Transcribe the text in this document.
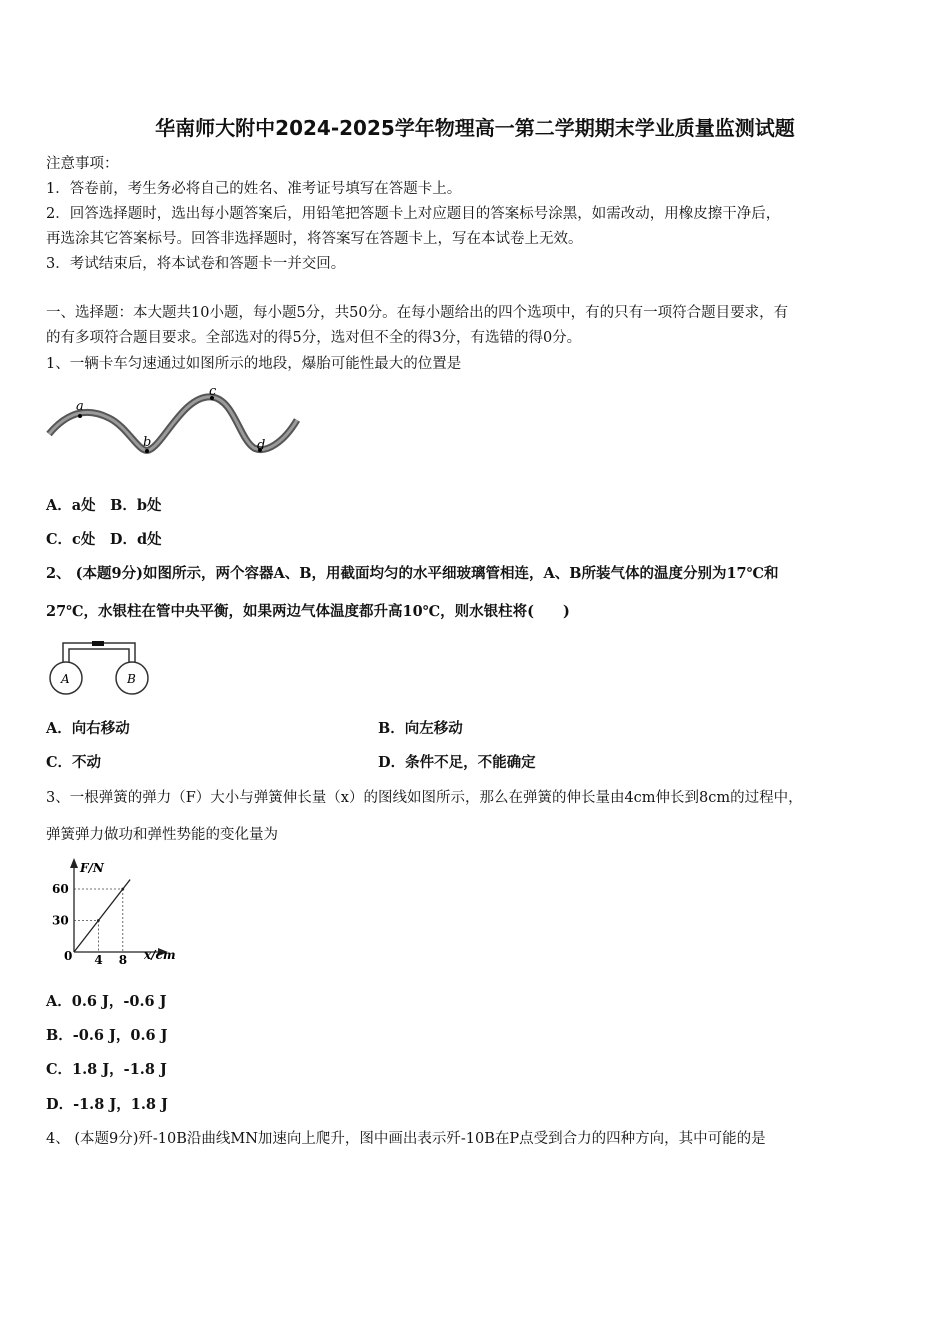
华南师大附中2024-2025学年物理高一第二学期期末学业质量监测试题
注意事项：
1．答卷前，考生务必将自己的姓名、准考证号填写在答题卡上。
2．回答选择题时，选出每小题答案后，用铅笔把答题卡上对应题目的答案标号涂黑，如需改动，用橡皮擦干净后，
再选涂其它答案标号。回答非选择题时，将答案写在答题卡上，写在本试卷上无效。
3．考试结束后，将本试卷和答题卡一并交回。
一、选择题：本大题共10小题，每小题5分，共50分。在每小题给出的四个选项中，有的只有一项符合题目要求，有
的有多项符合题目要求。全部选对的得5分，选对但不全的得3分，有选错的得0分。
1、一辆卡车匀速通过如图所示的地段，爆胎可能性最大的位置是
a
b
c
d
A．a处　B．b处
C．c处　D．d处
2、 (本题9分)如图所示，两个容器A、B，用截面均匀的水平细玻璃管相连，A、B所装气体的温度分别为17℃和
27℃，水银柱在管中央平衡，如果两边气体温度都升高10℃，则水银柱将(　　)
A	B
A．向右移动	B．向左移动
C．不动	D．条件不足，不能确定
3、一根弹簧的弹力（F）大小与弹簧伸长量（x）的图线如图所示，那么在弹簧的伸长量由4cm伸长到8cm的过程中，
弹簧弹力做功和弹性势能的变化量为
F/N
x/cm
0 4
30
8
60
A．0.6 J，-0.6 J
B．-0.6 J，0.6 J
C．1.8 J，-1.8 J
D．-1.8 J，1.8 J
4、 (本题9分)歼-10B沿曲线MN加速向上爬升，图中画出表示歼-10B在P点受到合力的四种方向，其中可能的是
